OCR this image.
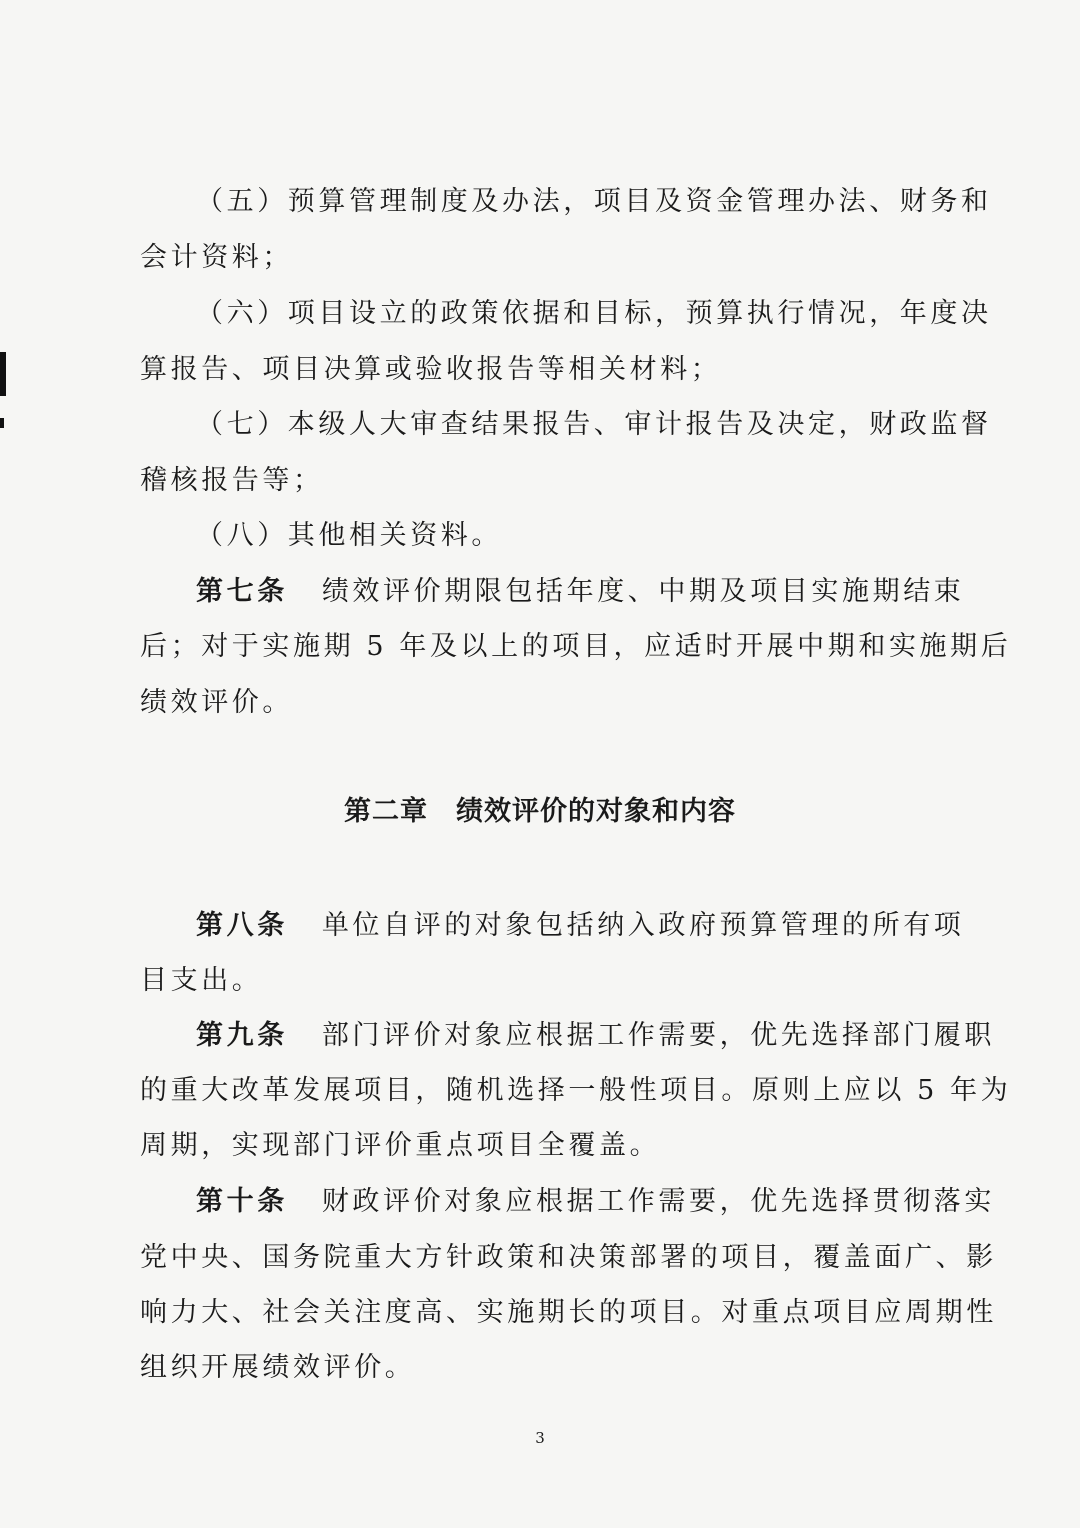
（五）预算管理制度及办法，项目及资金管理办法、财务和
会计资料；
（六）项目设立的政策依据和目标，预算执行情况，年度决
算报告、项目决算或验收报告等相关材料；
（七）本级人大审查结果报告、审计报告及决定，财政监督
稽核报告等；
（八）其他相关资料。
第七条 绩效评价期限包括年度、中期及项目实施期结束
后；对于实施期 5 年及以上的项目，应适时开展中期和实施期后
绩效评价。
第二章 绩效评价的对象和内容
第八条 单位自评的对象包括纳入政府预算管理的所有项
目支出。
第九条 部门评价对象应根据工作需要，优先选择部门履职
的重大改革发展项目，随机选择一般性项目。原则上应以 5 年为
周期，实现部门评价重点项目全覆盖。
第十条 财政评价对象应根据工作需要，优先选择贯彻落实
党中央、国务院重大方针政策和决策部署的项目，覆盖面广、影
响力大、社会关注度高、实施期长的项目。对重点项目应周期性
组织开展绩效评价。
3
